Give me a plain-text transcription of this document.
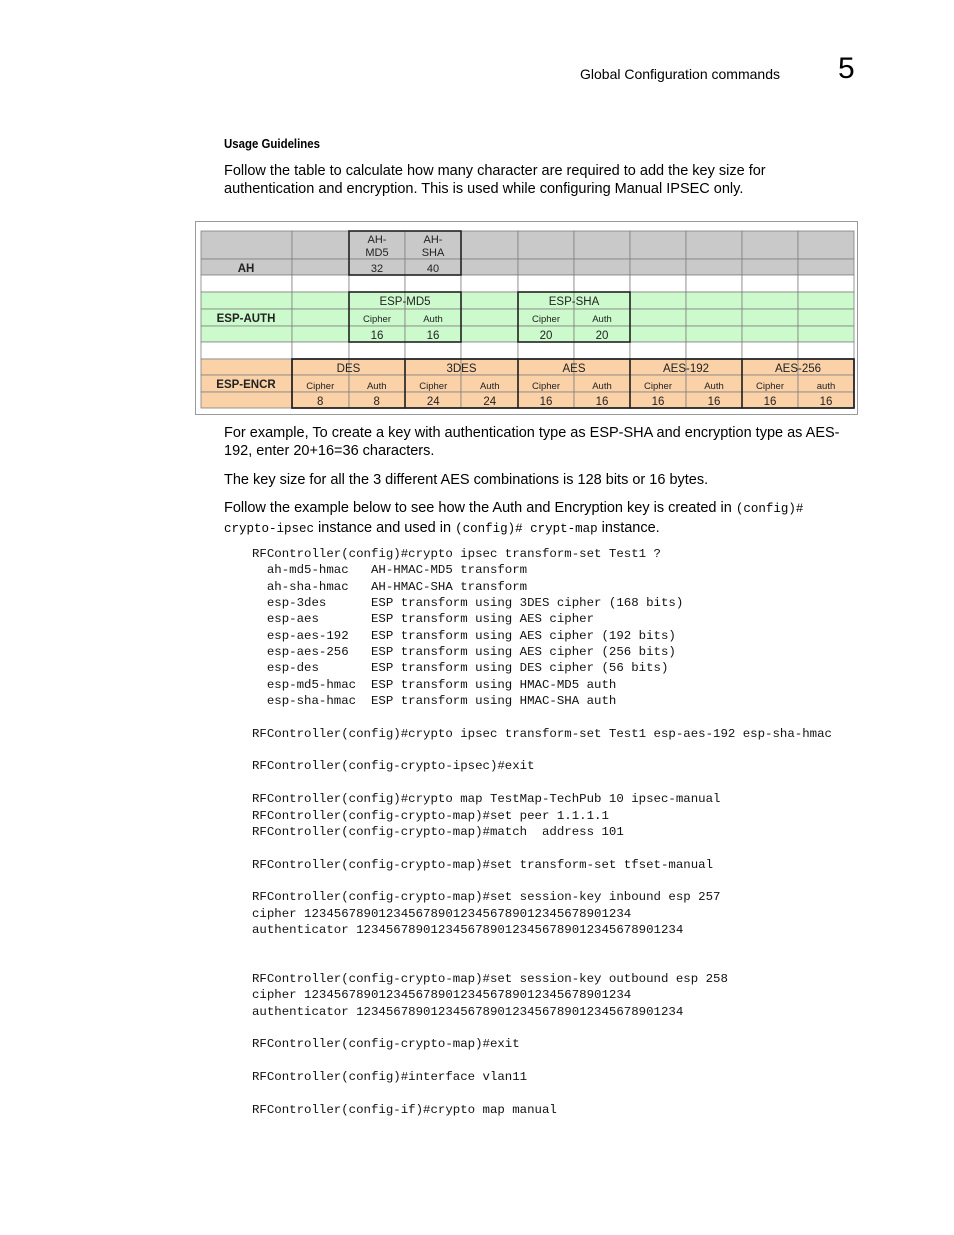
Global Configuration commands 5
Usage Guidelines

Follow the table to calculate how many character are required to add the key size for authentication and encryption. This is used while configuring Manual IPSEC only.

AH-
MD5
32
AH-
SHA
40
AH
ESP-MD5
Cipher
16
Auth
16
ESP-SHA
Cipher
20
Auth
20
ESP-AUTH
DES
Cipher
8
Auth
8
3DES
Cipher
24
Auth
24
AES
Cipher
16
Auth
16
AES-192
Cipher
16
Auth
16
AES-256
Cipher
16
auth
16
ESP-ENCR

For example, To create a key with authentication type as ESP-SHA and encryption type as AES-192, enter 20+16=36 characters.

The key size for all the 3 different AES combinations is 128 bits or 16 bytes.

Follow the example below to see how the Auth and Encryption key is created in (config)# crypto-ipsec instance and used in (config)# crypt-map instance.

RFController(config)#crypto ipsec transform-set Test1 ?
ah-md5-hmac   AH-HMAC-MD5 transform
ah-sha-hmac   AH-HMAC-SHA transform
esp-3des      ESP transform using 3DES cipher (168 bits)
esp-aes       ESP transform using AES cipher
esp-aes-192   ESP transform using AES cipher (192 bits)
esp-aes-256   ESP transform using AES cipher (256 bits)
esp-des       ESP transform using DES cipher (56 bits)
esp-md5-hmac  ESP transform using HMAC-MD5 auth
esp-sha-hmac  ESP transform using HMAC-SHA auth

RFController(config)#crypto ipsec transform-set Test1 esp-aes-192 esp-sha-hmac

RFController(config-crypto-ipsec)#exit

RFController(config)#crypto map TestMap-TechPub 10 ipsec-manual
RFController(config-crypto-map)#set peer 1.1.1.1
RFController(config-crypto-map)#match  address 101

RFController(config-crypto-map)#set transform-set tfset-manual

RFController(config-crypto-map)#set session-key inbound esp 257
cipher 12345678901234567890123456789012345678901234
authenticator 12345678901234567890123456789012345678901234

RFController(config-crypto-map)#set session-key outbound esp 258
cipher 12345678901234567890123456789012345678901234
authenticator 12345678901234567890123456789012345678901234

RFController(config-crypto-map)#exit

RFController(config)#interface vlan11

RFController(config-if)#crypto map manual
